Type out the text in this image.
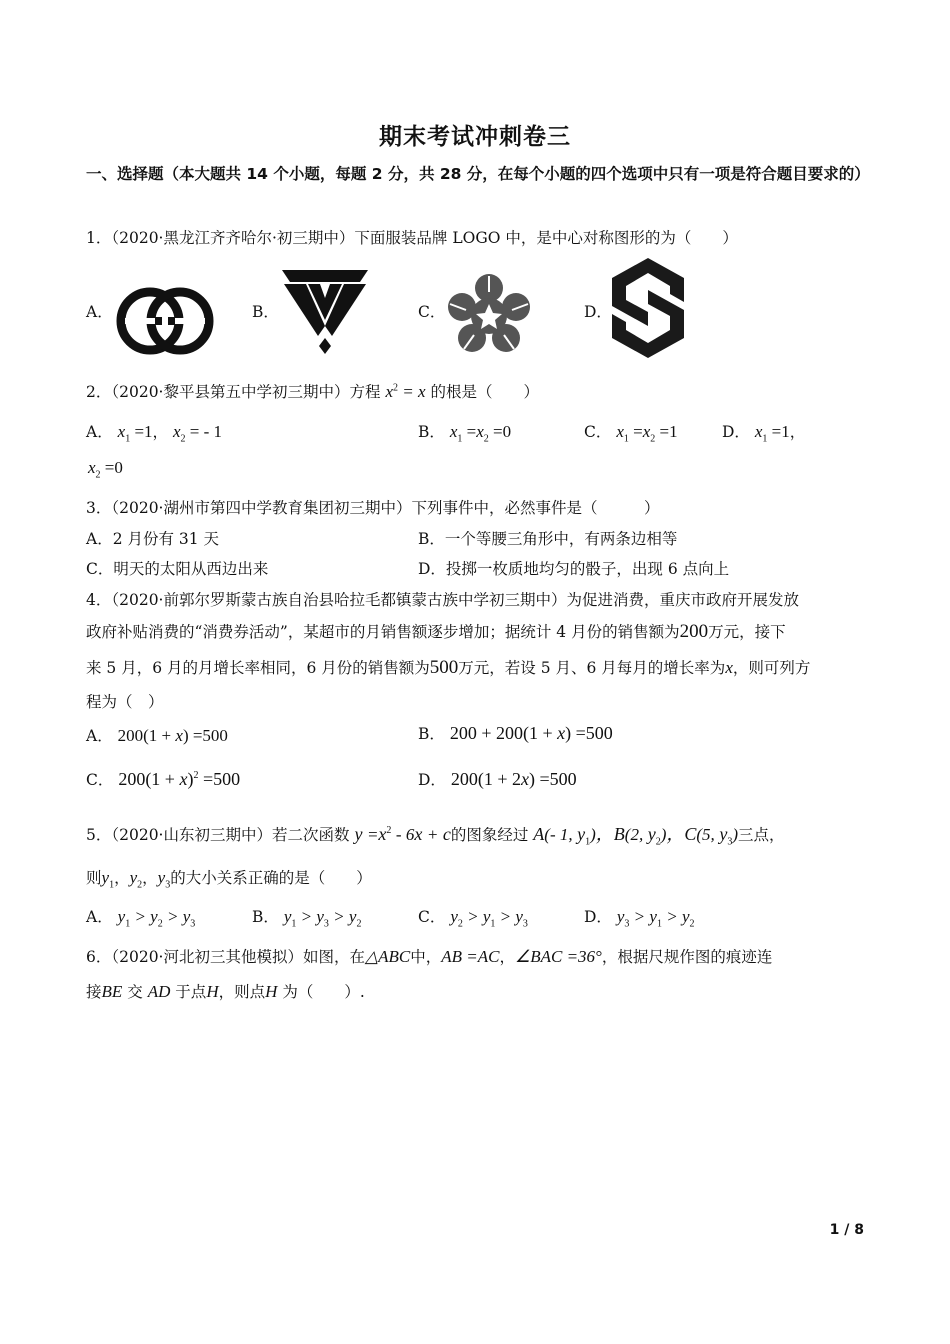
期末考试冲刺卷三
一、选择题（本大题共 14 个小题，每题 2 分，共 28 分，在每个小题的四个选项中只有一项是符合题目要求的）
1．（2020·黑龙江齐齐哈尔·初三期中）下面服装品牌 LOGO 中，是中心对称图形的为（　　）
A．	B．	C．	D．
2．（2020·黎平县第五中学初三期中）方程 $x^2 = x$ 的根是（　　）
A． $x_1 =1$， $x_2$ = - 1	B． $x_1 =x_2 =0$	C． $x_1 =x_2 =1$	D． $x_1 =1$，
$x_2 =0$
3．（2020·湖州市第四中学教育集团初三期中）下列事件中，必然事件是（　　　）
A．2 月份有 31 天	B．一个等腰三角形中，有两条边相等
C．明天的太阳从西边出来	D．投掷一枚质地均匀的骰子，出现 6 点向上
4．（2020·前郭尔罗斯蒙古族自治县哈拉毛都镇蒙古族中学初三期中）为促进消费，重庆市政府开展发放
政府补贴消费的“消费券活动”，某超市的月销售额逐步增加；据统计 4 月份的销售额为200万元，接下
来 5 月，6 月的月增长率相同，6 月份的销售额为500万元，若设 5 月、6 月每月的增长率为x，则可列方
程为（　）
A． 200(1 + x) =500	B． 200 + 200(1 + x) =500
C． $200(1 + x)^2 =500$	D． 200(1 + 2x) =500
5．（2020·山东初三期中）若二次函数 $y =x^2 - 6x + c$的图象经过 A(- 1, $y_1$)，B(2, $y_2$)，C(5, $y_3$)三点，
则$y_1$，$y_2$，$y_3$的大小关系正确的是（　　）
A． $y_1 > y_2 > y_3$	B． $y_1 > y_3 > y_2$	C． $y_2 > y_1 > y_3$	D． $y_3 > y_1 > y_2$
6．（2020·河北初三其他模拟）如图，在△ABC中，AB =AC，∠BAC =36°，根据尺规作图的痕迹连
接BE 交 AD 于点H，则点H 为（　　）.
1 / 8
